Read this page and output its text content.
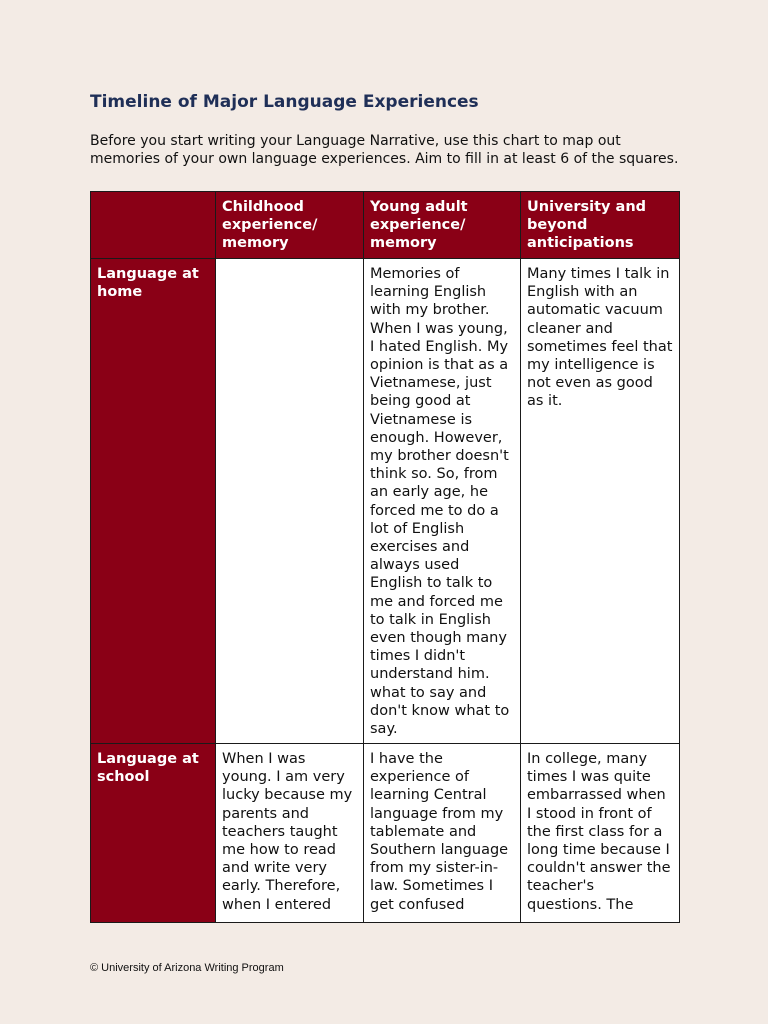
Timeline of Major Language Experiences
Before you start writing your Language Narrative, use this chart to map out memories of your own language experiences. Aim to fill in at least 6 of the squares.
	Childhood experience/ memory	Young adult experience/ memory	University and beyond anticipations
Language at home		Memories of learning English with my brother. When I was young, I hated English. My opinion is that as a Vietnamese, just being good at Vietnamese is enough. However, my brother doesn't think so. So, from an early age, he forced me to do a lot of English exercises and always used English to talk to me and forced me to talk in English even though many times I didn't understand him. what to say and don't know what to say.	Many times I talk in English with an automatic vacuum cleaner and sometimes feel that my intelligence is not even as good as it.

Language at school	When I was young. I am very lucky because my parents and teachers taught me how to read and write very early. Therefore, when I entered	I have the experience of learning Central language from my tablemate and Southern language from my sister-in-law. Sometimes I get confused	In college, many times I was quite embarrassed when I stood in front of the first class for a long time because I couldn't answer the teacher's questions. The
© University of Arizona Writing Program
